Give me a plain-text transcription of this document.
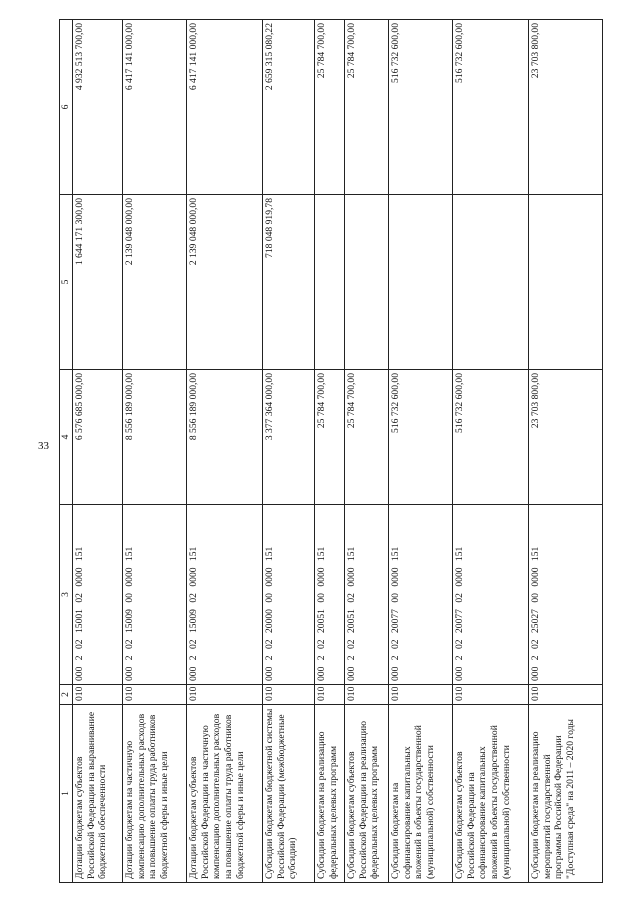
33
1	2	3	4	5	6
Дотации бюджетам субъектов Российской Федерации на выравнивание бюджетной обеспеченности	010	000 2 02 15001 02 0000 151	6 576 685 000,00	1 644 171 300,00	4 932 513 700,00
Дотации бюджетам на частичную компенсацию дополнительных расходов на повышение оплаты труда работников бюджетной сферы и иные цели	010	000 2 02 15009 00 0000 151	8 556 189 000,00	2 139 048 000,00	6 417 141 000,00
Дотации бюджетам субъектов Российской Федерации на частичную компенсацию дополнительных расходов на повышение оплаты труда работников бюджетной сферы и иные цели	010	000 2 02 15009 02 0000 151	8 556 189 000,00	2 139 048 000,00	6 417 141 000,00
Субсидии бюджетам бюджетной системы Российской Федерации (межбюджетные субсидии)	010	000 2 02 20000 00 0000 151	3 377 364 000,00	718 048 919,78	2 659 315 080,22
Субсидии бюджетам на реализацию федеральных целевых программ	010	000 2 02 20051 00 0000 151	25 784 700,00		25 784 700,00
Субсидии бюджетам субъектов Российской Федерации на реализацию федеральных целевых программ	010	000 2 02 20051 02 0000 151	25 784 700,00		25 784 700,00
Субсидии бюджетам на софинансирование капитальных вложений в объекты государственной (муниципальной) собственности	010	000 2 02 20077 00 0000 151	516 732 600,00		516 732 600,00
Субсидии бюджетам субъектов Российской Федерации на софинансирование капитальных вложений в объекты государственной (муниципальной) собственности	010	000 2 02 20077 02 0000 151	516 732 600,00		516 732 600,00
Субсидии бюджетам на реализацию мероприятий государственной программы Российской Федерации "Доступная среда" на 2011 – 2020 годы	010	000 2 02 25027 00 0000 151	23 703 800,00		23 703 800,00
